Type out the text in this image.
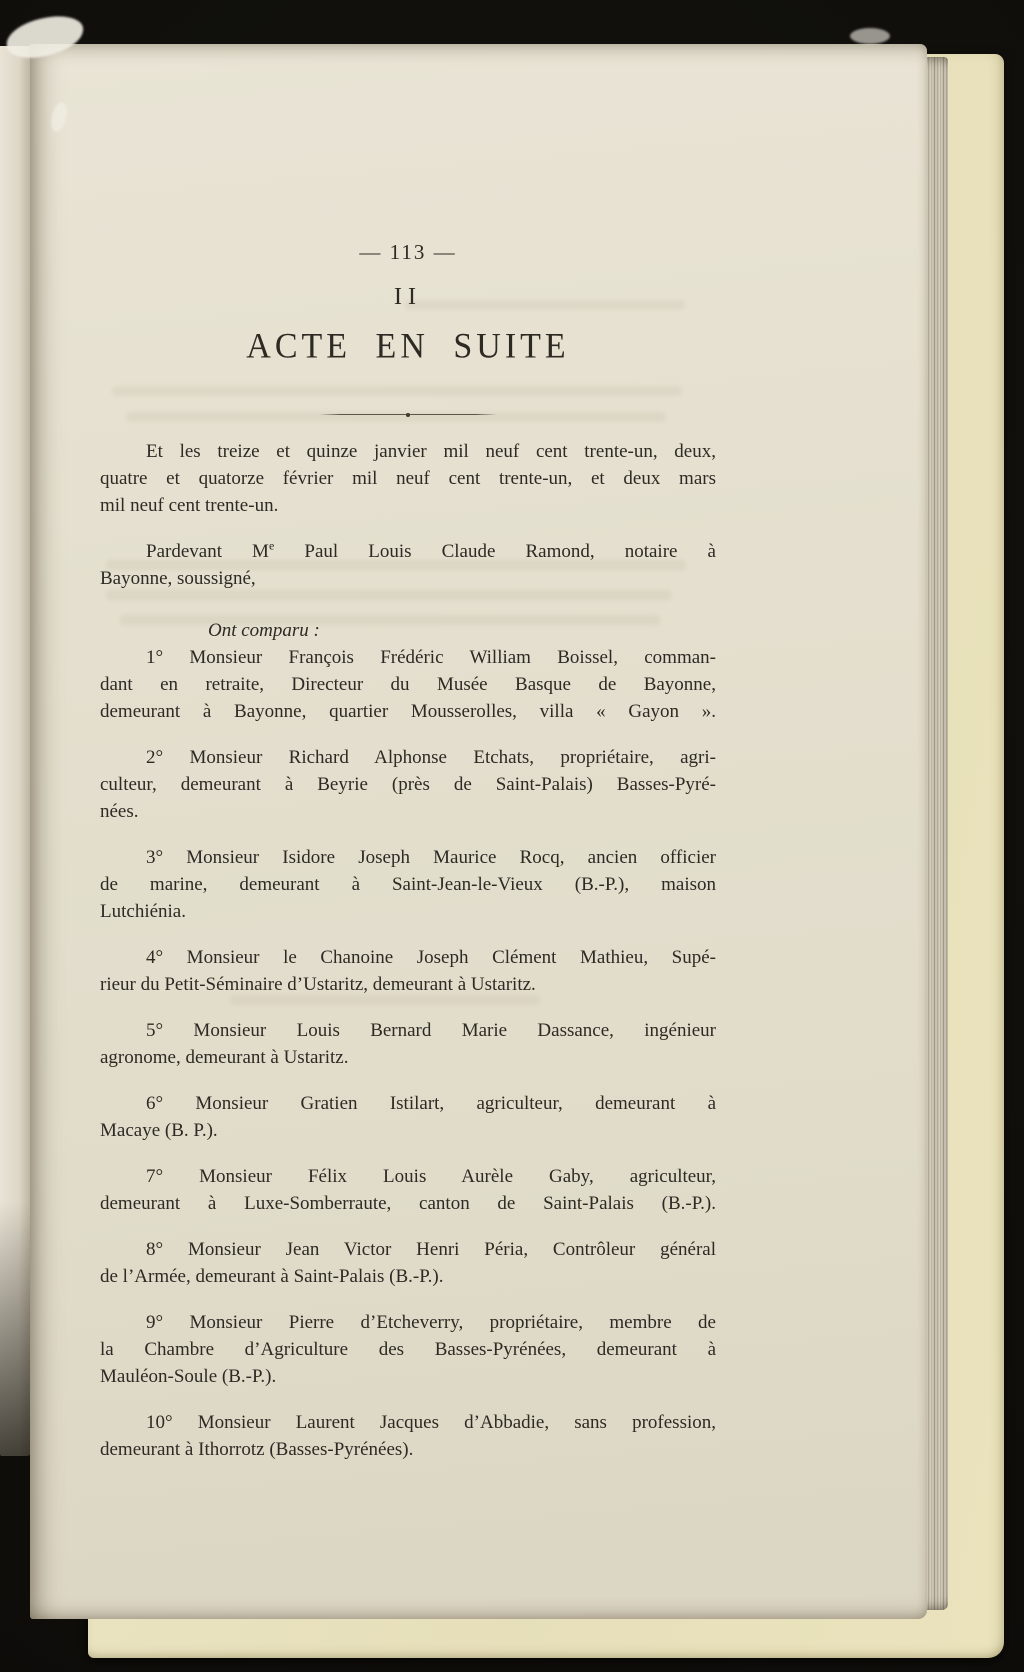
— 113 —
II
ACTE EN SUITE

Et les treize et quinze janvier mil neuf cent trente-un, deux,
quatre et quatorze février mil neuf cent trente-un, et deux mars
mil neuf cent trente-un.

Pardevant Me Paul Louis Claude Ramond, notaire à
Bayonne, soussigné,

Ont comparu :

1° Monsieur François Frédéric William Boissel, comman-
dant en retraite, Directeur du Musée Basque de Bayonne,
demeurant à Bayonne, quartier Mousserolles, villa « Gayon ».

2° Monsieur Richard Alphonse Etchats, propriétaire, agri-
culteur, demeurant à Beyrie (près de Saint-Palais) Basses-Pyré-
nées.

3° Monsieur Isidore Joseph Maurice Rocq, ancien officier
de marine, demeurant à Saint-Jean-le-Vieux (B.-P.), maison
Lutchiénia.

4° Monsieur le Chanoine Joseph Clément Mathieu, Supé-
rieur du Petit-Séminaire d’Ustaritz, demeurant à Ustaritz.

5° Monsieur Louis Bernard Marie Dassance, ingénieur
agronome, demeurant à Ustaritz.

6° Monsieur Gratien Istilart, agriculteur, demeurant à
Macaye (B. P.).

7° Monsieur Félix Louis Aurèle Gaby, agriculteur,
demeurant à Luxe-Somberraute, canton de Saint-Palais (B.-P.).

8° Monsieur Jean Victor Henri Péria, Contrôleur général
de l’Armée, demeurant à Saint-Palais (B.-P.).

9° Monsieur Pierre d’Etcheverry, propriétaire, membre de
la Chambre d’Agriculture des Basses-Pyrénées, demeurant à
Mauléon-Soule (B.-P.).

10° Monsieur Laurent Jacques d’Abbadie, sans profession,
demeurant à Ithorrotz (Basses-Pyrénées).
